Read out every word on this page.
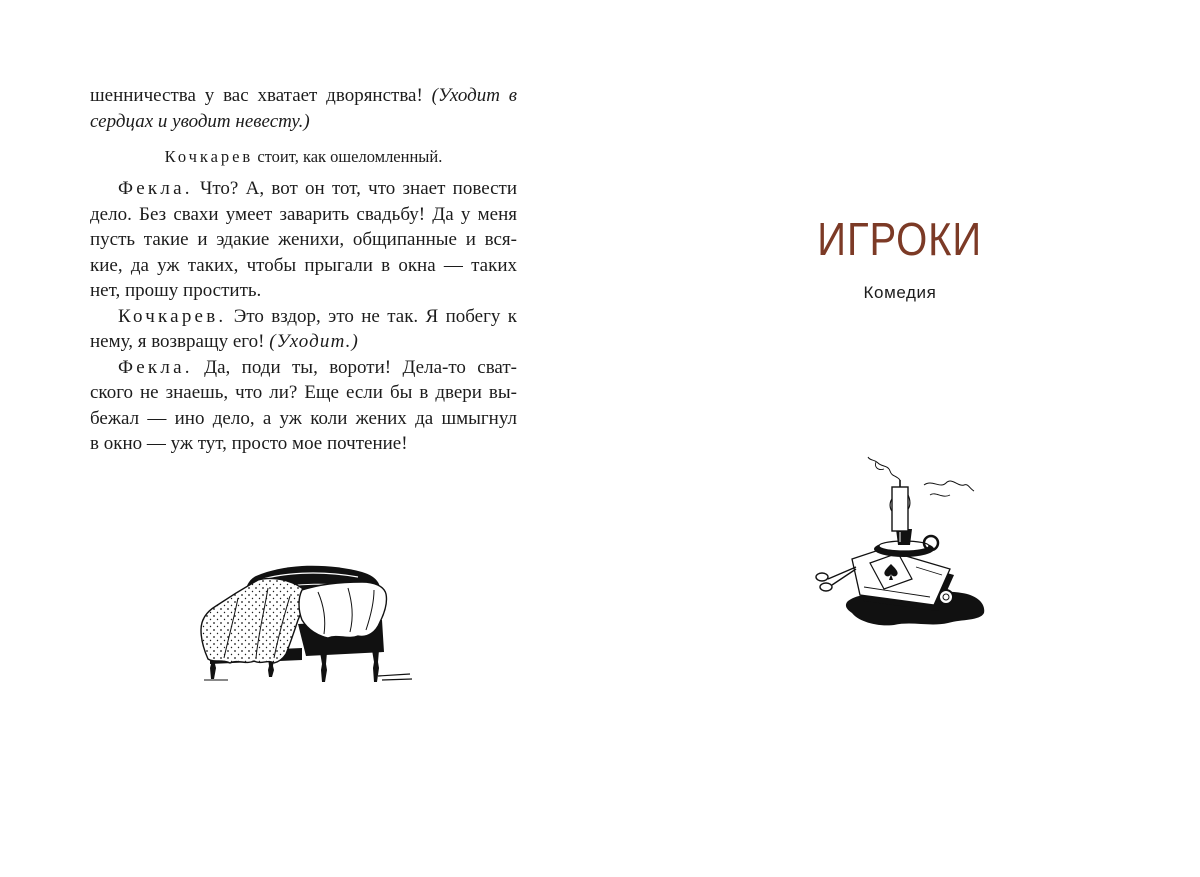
шенничества у вас хватает дворянства! (Уходит в
сердцах и уводит невесту.)
Кочкарев стоит, как ошеломленный.
Фекла. Что? А, вот он тот, что знает повести
дело. Без свахи умеет заварить свадьбу! Да у меня
пусть такие и эдакие женихи, общипанные и вся-
кие, да уж таких, чтобы прыгали в окна — таких
нет, прошу простить.
Кочкарев. Это вздор, это не так. Я побегу к
нему, я возвращу его! (Уходит.)
Фекла. Да, поди ты, вороти! Дела-то сват-
ского не знаешь, что ли? Еще если бы в двери вы-
бежал — ино дело, а уж коли жених да шмыгнул
в окно — уж тут, просто мое почтение!
ИГРОКИ
Комедия
